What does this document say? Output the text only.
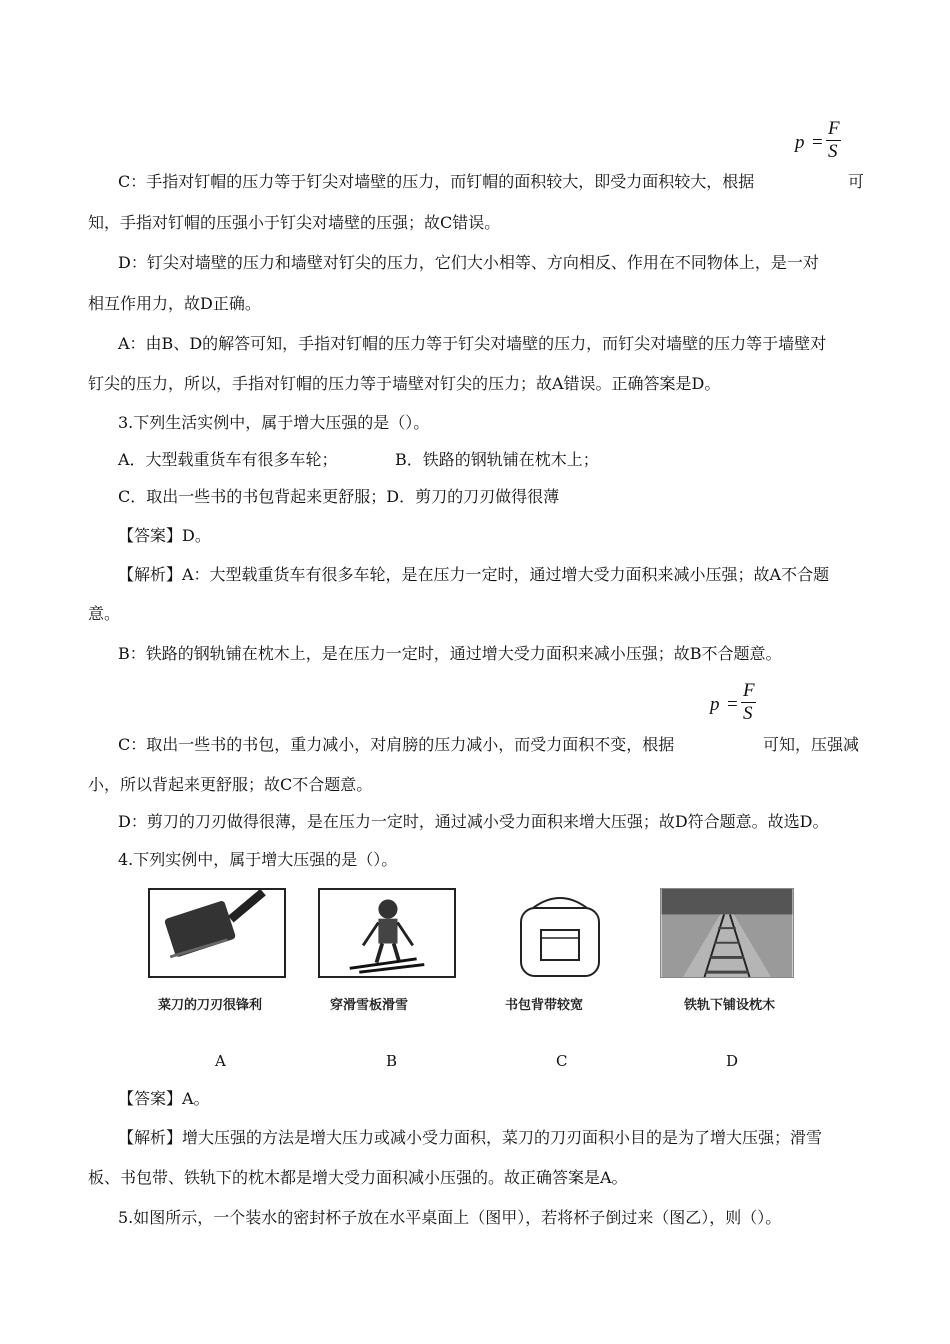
p =
F
S
C：手指对钉帽的压力等于钉尖对墙壁的压力，而钉帽的面积较大，即受力面积较大，根据	可
知，手指对钉帽的压强小于钉尖对墙壁的压强；故C错误。
D：钉尖对墙壁的压力和墙壁对钉尖的压力，它们大小相等、方向相反、作用在不同物体上，是一对
相互作用力，故D正确。
A：由B、D的解答可知，手指对钉帽的压力等于钉尖对墙壁的压力，而钉尖对墙壁的压力等于墙壁对
钉尖的压力，所以，手指对钉帽的压力等于墙壁对钉尖的压力；故A错误。正确答案是D。
3.下列生活实例中，属于增大压强的是（）。
A．大型载重货车有很多车轮；	B．铁路的钢轨铺在枕木上；
C．取出一些书的书包背起来更舒服；D．剪刀的刀刃做得很薄
【答案】D。
【解析】A：大型载重货车有很多车轮，是在压力一定时，通过增大受力面积来减小压强；故A不合题
意。
B：铁路的钢轨铺在枕木上，是在压力一定时，通过增大受力面积来减小压强；故B不合题意。
p =
F
S
C：取出一些书的书包，重力减小，对肩膀的压力减小，而受力面积不变，根据	可知，压强减
小，所以背起来更舒服；故C不合题意。
D：剪刀的刀刃做得很薄，是在压力一定时，通过减小受力面积来增大压强；故D符合题意。故选D。
4.下列实例中，属于增大压强的是（）。
菜刀的刀刃很锋利	穿滑雪板滑雪	书包背带较宽	铁轨下铺设枕木
A	B	C	D
【答案】A。
【解析】增大压强的方法是增大压力或减小受力面积，菜刀的刀刃面积小目的是为了增大压强；滑雪
板、书包带、铁轨下的枕木都是增大受力面积减小压强的。故正确答案是A。
5.如图所示，一个装水的密封杯子放在水平桌面上（图甲），若将杯子倒过来（图乙），则（）。
